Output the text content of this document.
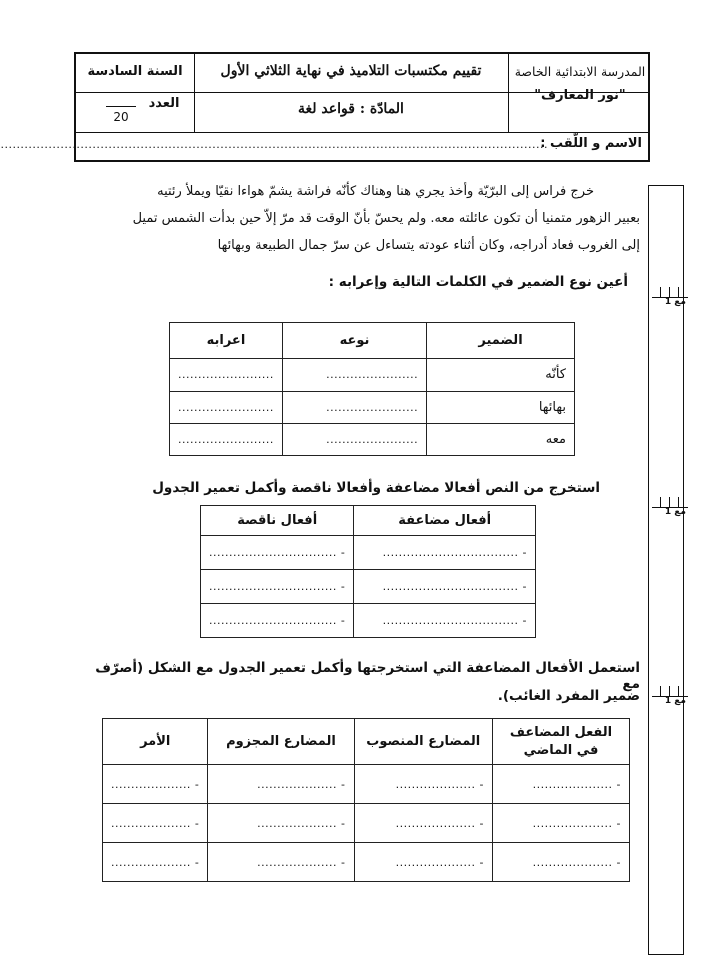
السنة السادسة	تقييم مكتسبات التلاميذ في نهاية الثلاثي الأول	المدرسة الابتدائية الخاصة
العدد
20	المادّة : قواعد لغة
"نور المعارف"
الاسم و اللّقب :
.........................................................................................................................................
مع 1
مع 1
مع 1
خرج فراس إلى البرّيّة وأخذ يجري هنا وهناك كأنّه فراشة يشمّ هواءا نقيّا ويملأ رئتيه
بعبير الزهور متمنيا أن تكون عائلته معه. ولم يحسّ بأنّ الوقت قد مرّ إلاّ حين بدأت الشمس تميل
إلى الغروب فعاد أدراجه، وكان أثناء عودته يتساءل عن سرّ جمال الطبيعة وبهائها
أعين نوع الضمير في الكلمات التالية وإعرابه :
الضمير	نوعه	اعرابه
كأنّه	.......................	........................
بهائها	.......................	........................
معه	.......................	........................
استخرج من النص أفعالا مضاعفة وأفعالا ناقصة وأكمل تعمير الجدول
أفعال مضاعفة	أفعال ناقصة
- ..................................	- ................................
- ..................................	- ................................
- ..................................	- ................................
استعمل الأفعال المضاعفة التي استخرجتها وأكمل تعمير الجدول مع الشكل (أصرّف مع
ضمير المفرد الغائب).
الفعل المضاعف في الماضي	المضارع المنصوب	المضارع المجزوم	الأمر
- ....................	- ....................	- ....................	- ....................
- ....................	- ....................	- ....................	- ....................
- ....................	- ....................	- ....................	- ....................
